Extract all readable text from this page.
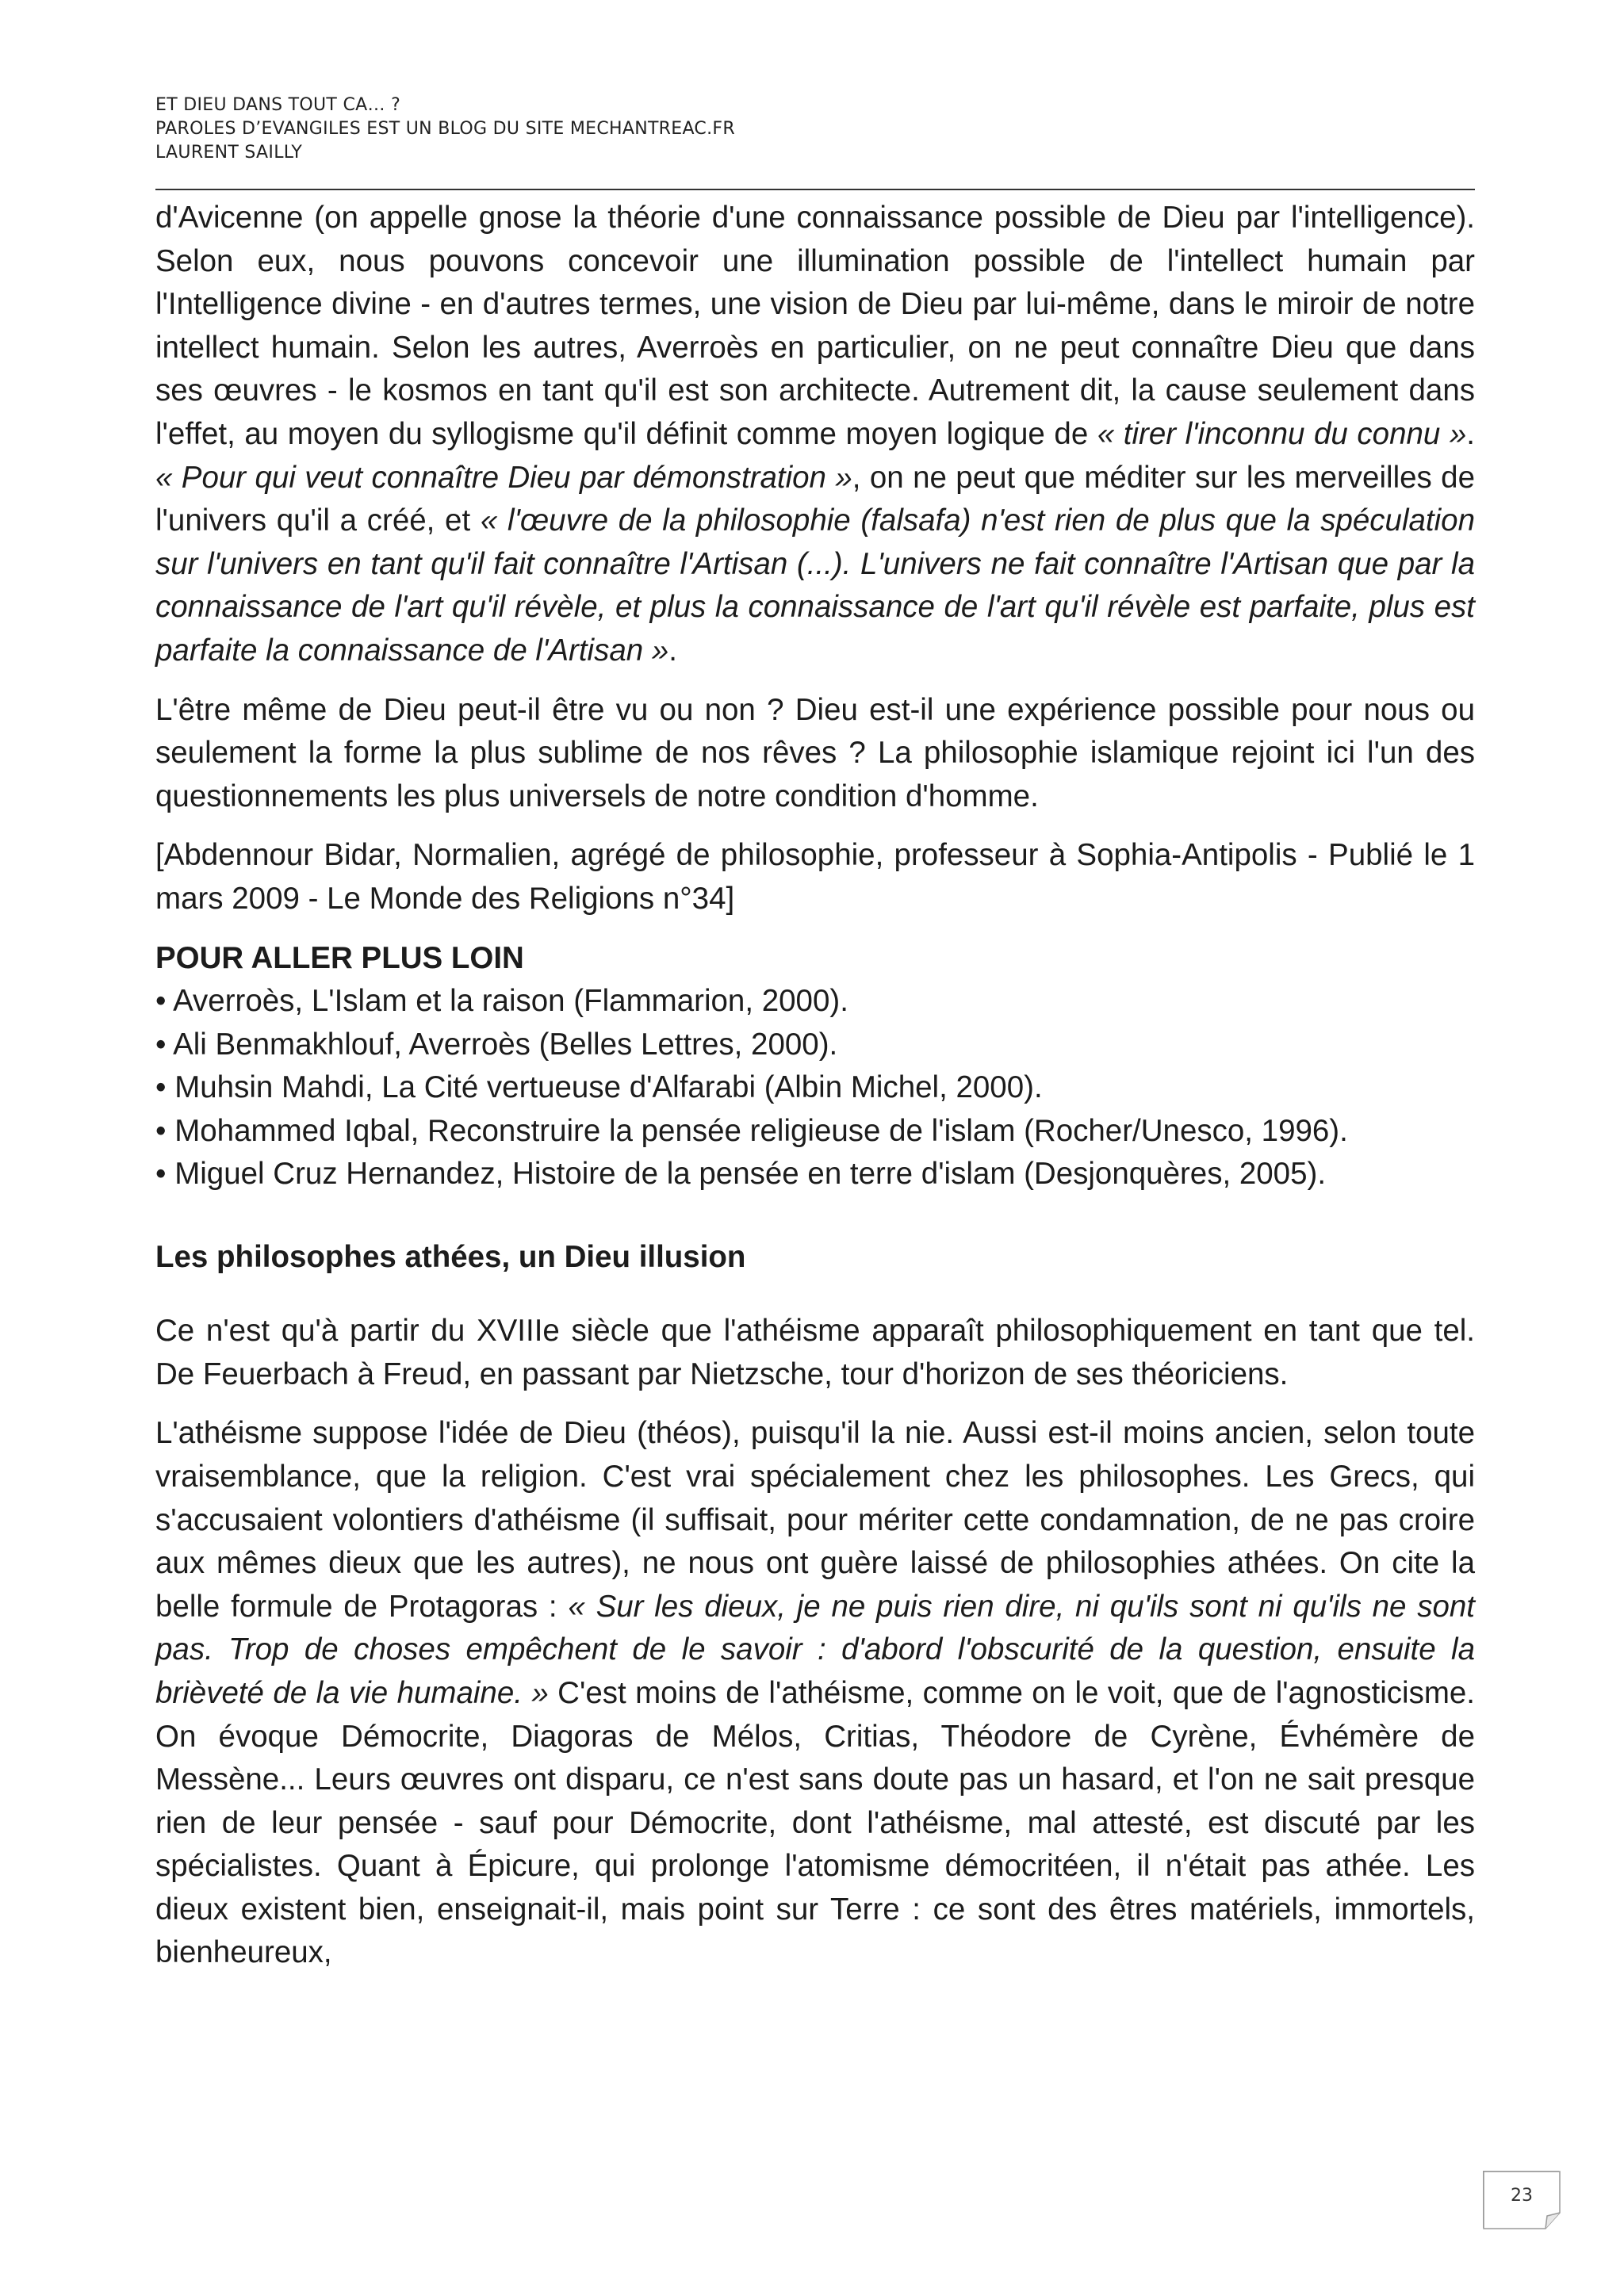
ET DIEU DANS TOUT CA… ?
PAROLES D’EVANGILES EST UN BLOG DU SITE MECHANTREAC.FR
LAURENT SAILLY

d'Avicenne (on appelle gnose la théorie d'une connaissance possible de Dieu par l'intelligence). Selon eux, nous pouvons concevoir une illumination possible de l'intellect humain par l'Intelligence divine - en d'autres termes, une vision de Dieu par lui-même, dans le miroir de notre intellect humain. Selon les autres, Averroès en particulier, on ne peut connaître Dieu que dans ses œuvres - le kosmos en tant qu'il est son architecte. Autrement dit, la cause seulement dans l'effet, au moyen du syllogisme qu'il définit comme moyen logique de « tirer l'inconnu du connu ». « Pour qui veut connaître Dieu par démonstration », on ne peut que méditer sur les merveilles de l'univers qu'il a créé, et « l'œuvre de la philosophie (falsafa) n'est rien de plus que la spéculation sur l'univers en tant qu'il fait connaître l'Artisan (...). L'univers ne fait connaître l'Artisan que par la connaissance de l'art qu'il révèle, et plus la connaissance de l'art qu'il révèle est parfaite, plus est parfaite la connaissance de l'Artisan ».

L'être même de Dieu peut-il être vu ou non ? Dieu est-il une expérience possible pour nous ou seulement la forme la plus sublime de nos rêves ? La philosophie islamique rejoint ici l'un des questionnements les plus universels de notre condition d'homme.

[Abdennour Bidar, Normalien, agrégé de philosophie, professeur à Sophia-Antipolis - Publié le 1 mars 2009 - Le Monde des Religions n°34]

POUR ALLER PLUS LOIN

• Averroès, L'Islam et la raison (Flammarion, 2000).
• Ali Benmakhlouf, Averroès (Belles Lettres, 2000).
• Muhsin Mahdi, La Cité vertueuse d'Alfarabi (Albin Michel, 2000).
• Mohammed Iqbal, Reconstruire la pensée religieuse de l'islam (Rocher/Unesco, 1996).
• Miguel Cruz Hernandez, Histoire de la pensée en terre d'islam (Desjonquères, 2005).

Les philosophes athées, un Dieu illusion

Ce n'est qu'à partir du XVIIIe siècle que l'athéisme apparaît philosophiquement en tant que tel. De Feuerbach à Freud, en passant par Nietzsche, tour d'horizon de ses théoriciens.

L'athéisme suppose l'idée de Dieu (théos), puisqu'il la nie. Aussi est-il moins ancien, selon toute vraisemblance, que la religion. C'est vrai spécialement chez les philosophes. Les Grecs, qui s'accusaient volontiers d'athéisme (il suffisait, pour mériter cette condamnation, de ne pas croire aux mêmes dieux que les autres), ne nous ont guère laissé de philosophies athées. On cite la belle formule de Protagoras : « Sur les dieux, je ne puis rien dire, ni qu'ils sont ni qu'ils ne sont pas. Trop de choses empêchent de le savoir : d'abord l'obscurité de la question, ensuite la brièveté de la vie humaine. » C'est moins de l'athéisme, comme on le voit, que de l'agnosticisme. On évoque Démocrite, Diagoras de Mélos, Critias, Théodore de Cyrène, Évhémère de Messène... Leurs œuvres ont disparu, ce n'est sans doute pas un hasard, et l'on ne sait presque rien de leur pensée - sauf pour Démocrite, dont l'athéisme, mal attesté, est discuté par les spécialistes. Quant à Épicure, qui prolonge l'atomisme démocritéen, il n'était pas athée. Les dieux existent bien, enseignait-il, mais point sur Terre : ce sont des êtres matériels, immortels, bienheureux,

23
